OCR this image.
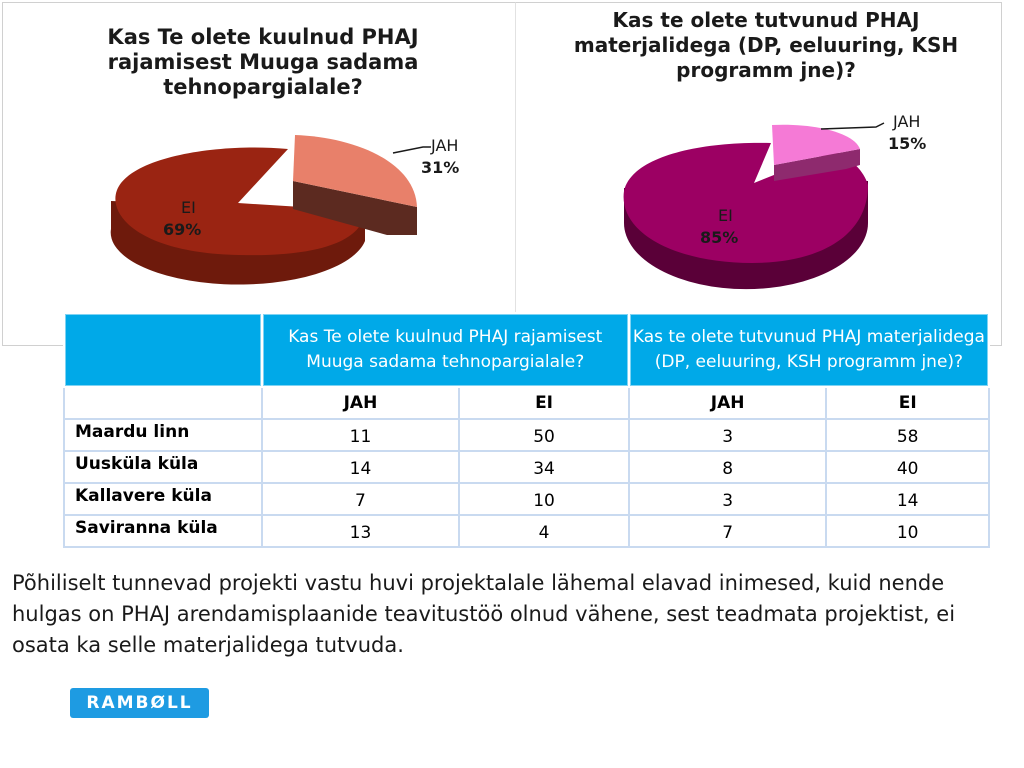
Kas Te olete kuulnud PHAJ rajamisest Muuga sadama tehnopargialale?
EI
69%
JAH
31%
Kas te olete tutvunud PHAJ materjalidega (DP, eeluuring, KSH programm jne)?
EI
85%
JAH
15%
	Kas Te olete kuulnud PHAJ rajamisest Muuga sadama tehnopargialale?		Kas te olete tutvunud PHAJ materjalidega (DP, eeluuring, KSH programm jne)?	
	JAH	EI	JAH	EI
Maardu linn	11	50	3	58
Uusküla küla	14	34	8	40
Kallavere küla	7	10	3	14
Saviranna küla	13	4	7	10

Põhiliselt tunnevad projekti vastu huvi projektalale lähemal elavad inimesed, kuid nende hulgas on PHAJ arendamisplaanide teavitustöö olnud vähene, sest teadmata projektist, ei osata ka selle materjalidega tutvuda.

RAMBØLL
